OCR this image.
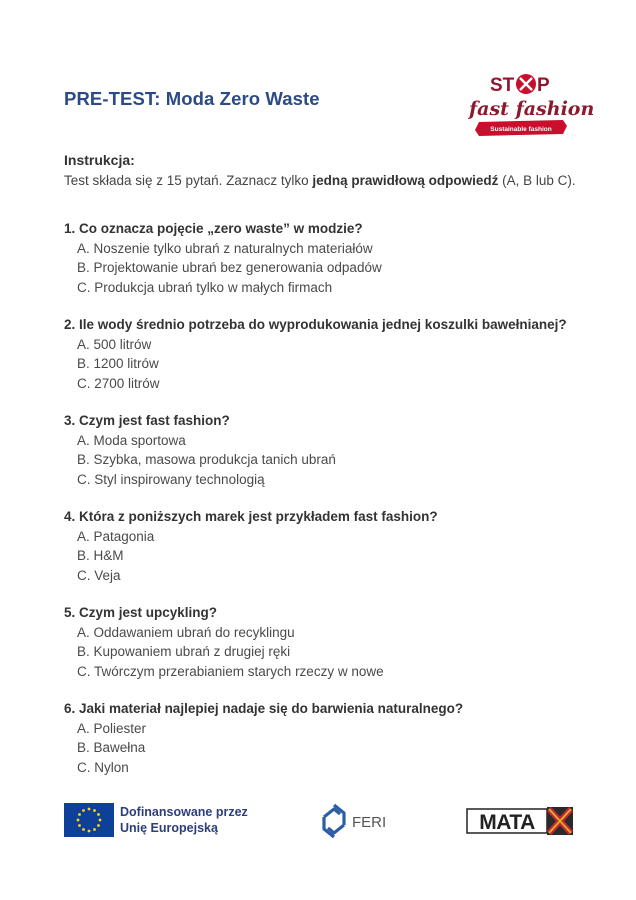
PRE-TEST: Moda Zero Waste
ST P
fast fashion
Sustainable fashion
Instrukcja:
Test składa się z 15 pytań. Zaznacz tylko jedną prawidłową odpowiedź (A, B lub C).
1. Co oznacza pojęcie „zero waste” w modzie?
A. Noszenie tylko ubrań z naturalnych materiałów
B. Projektowanie ubrań bez generowania odpadów
C. Produkcja ubrań tylko w małych firmach
2. Ile wody średnio potrzeba do wyprodukowania jednej koszulki bawełnianej?
A. 500 litrów
B. 1200 litrów
C. 2700 litrów
3. Czym jest fast fashion?
A. Moda sportowa
B. Szybka, masowa produkcja tanich ubrań
C. Styl inspirowany technologią
4. Która z poniższych marek jest przykładem fast fashion?
A. Patagonia
B. H&M
C. Veja
5. Czym jest upcykling?
A. Oddawaniem ubrań do recyklingu
B. Kupowaniem ubrań z drugiej ręki
C. Twórczym przerabianiem starych rzeczy w nowe
6. Jaki materiał najlepiej nadaje się do barwienia naturalnego?
A. Poliester
B. Bawełna
C. Nylon
Dofinansowane przez
Unię Europejską	FERI	MATA
